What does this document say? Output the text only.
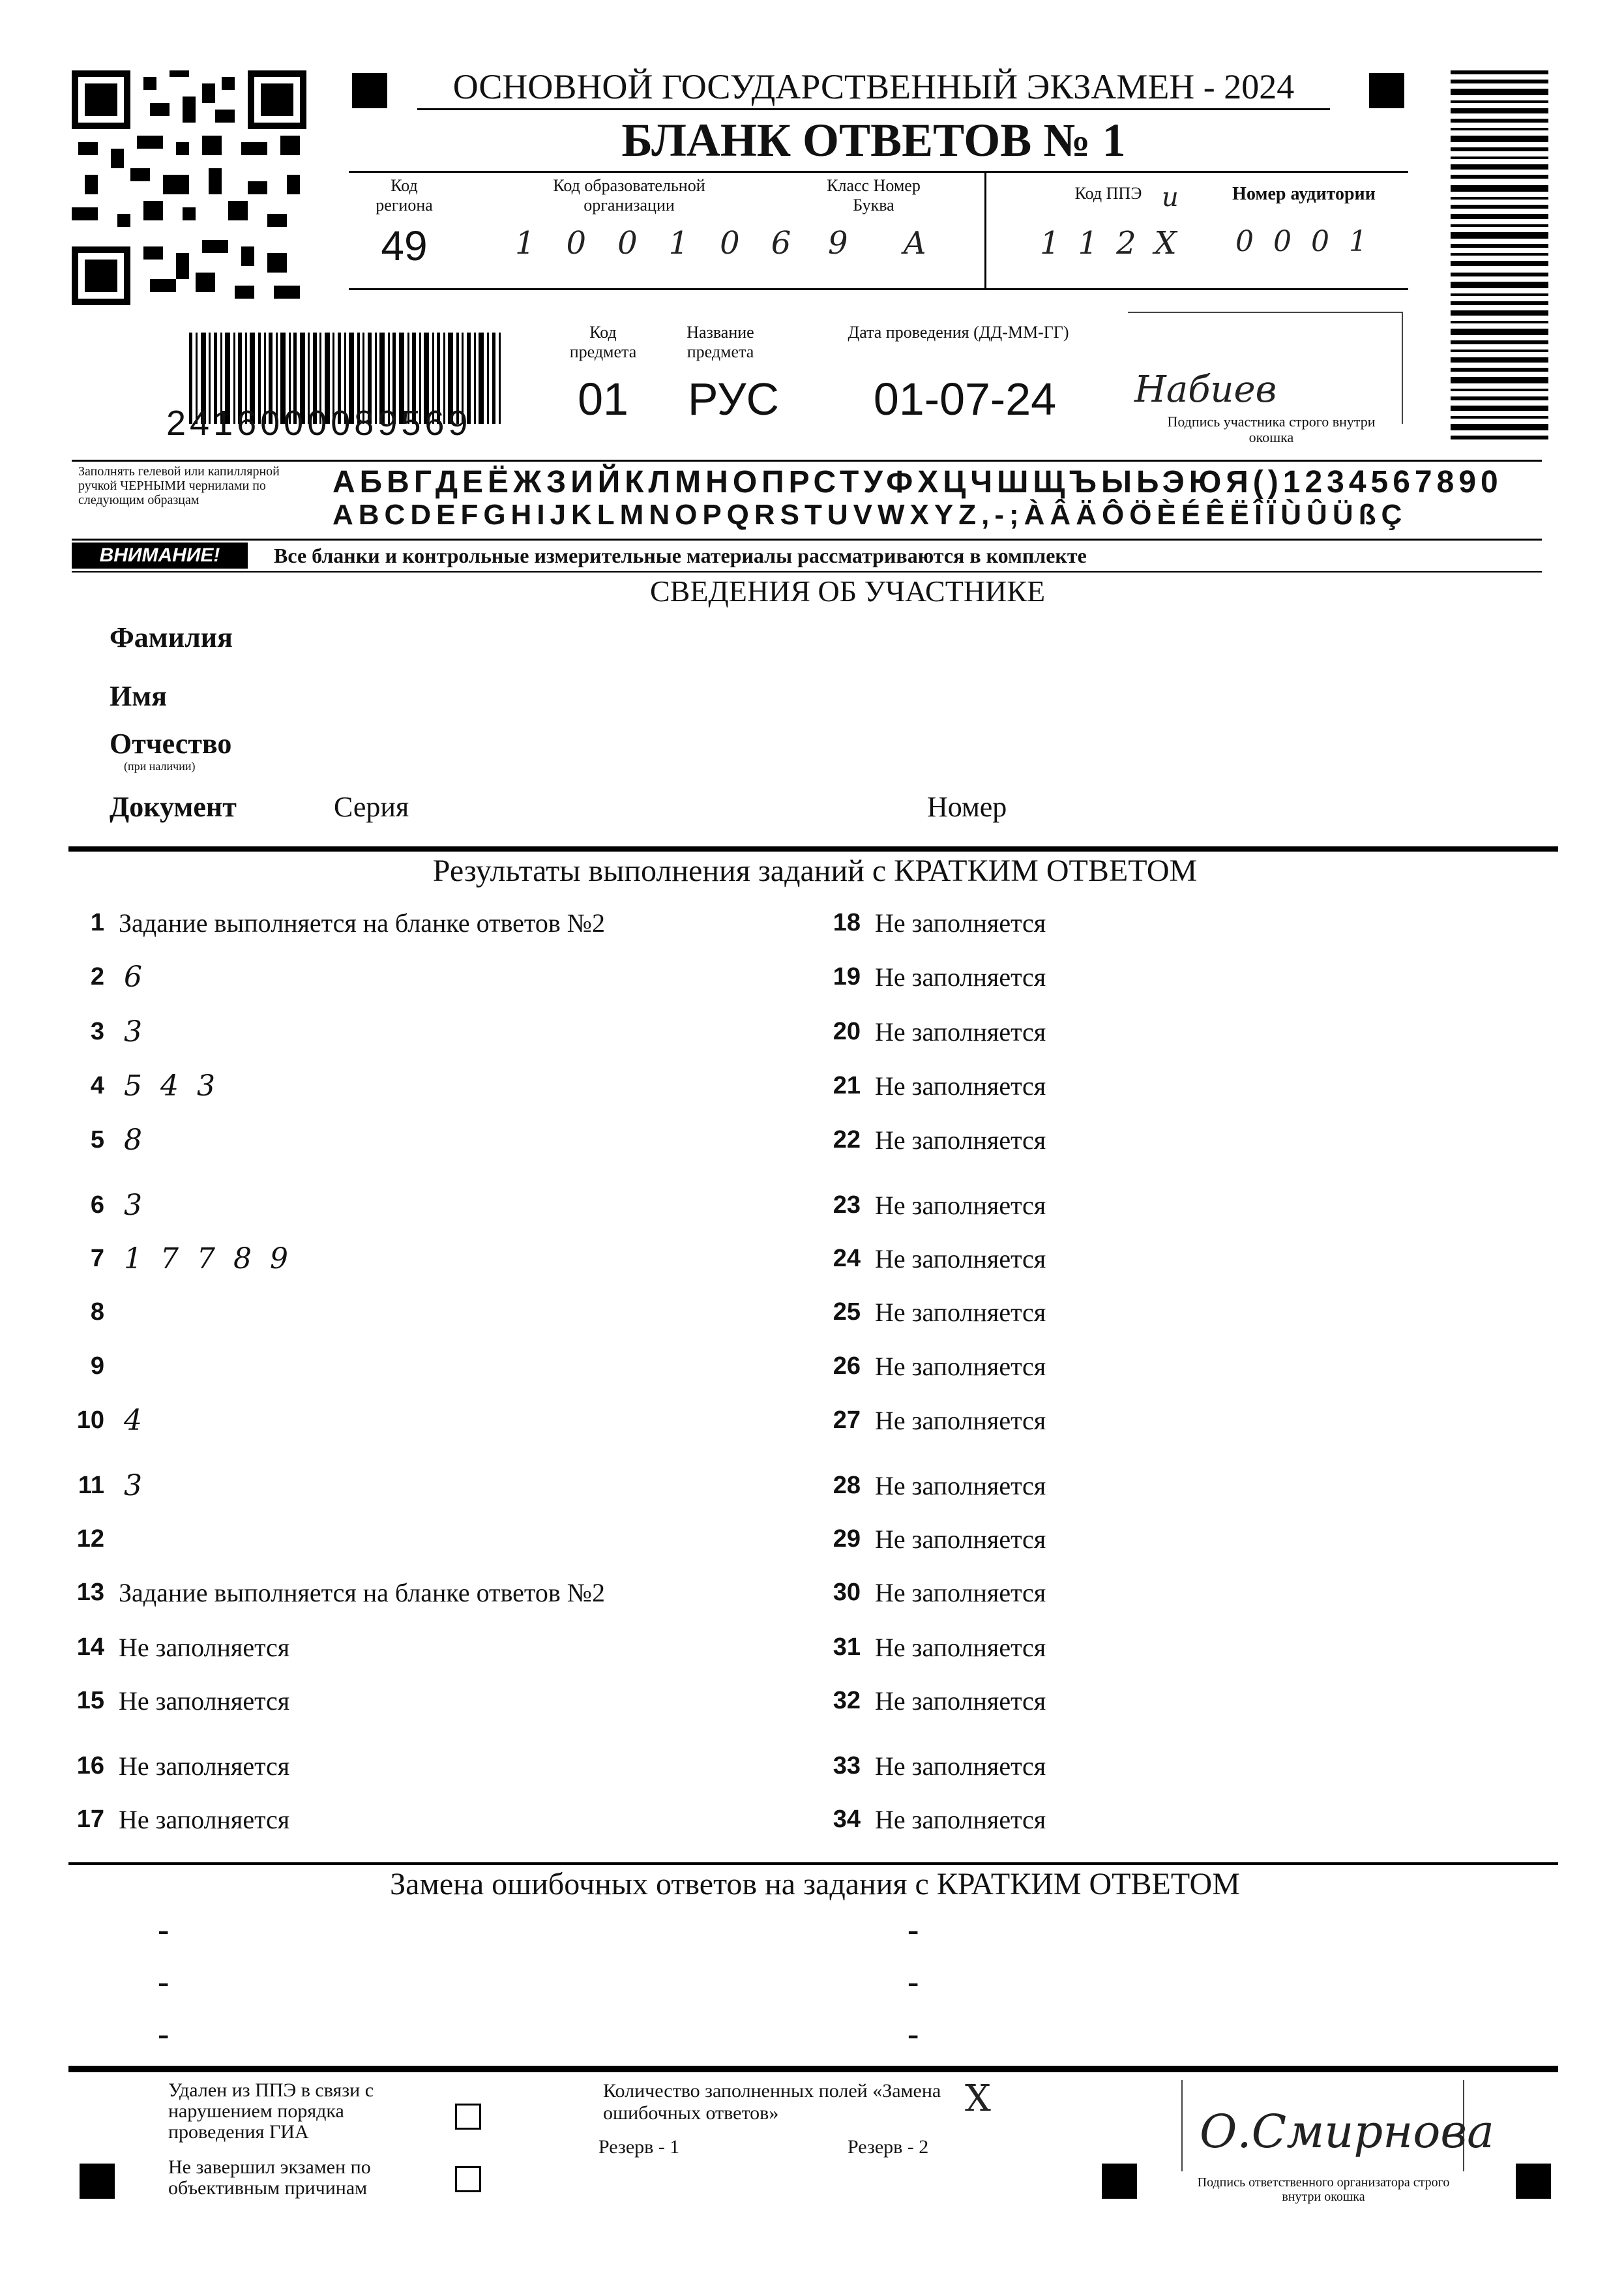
ОСНОВНОЙ ГОСУДАРСТВЕННЫЙ ЭКЗАМЕН - 2024
БЛАНК ОТВЕТОВ № 1
Код региона
49
Код образовательной организации
100106
Класс Номер Буква
9 А
Код ППЭ и
112Х
Номер аудитории
0001
2416000089569
Код предмета
01
Название предмета
РУС
Дата проведения (ДД-ММ-ГГ)
01-07-24	Набиев
Подпись участника строго внутри окошка
Заполнять гелевой или капиллярной ручкой ЧЕРНЫМИ чернилами по следующим образцам
АБВГДЕЁЖЗИЙКЛМНОПРСТУФХЦЧШЩЪЫЬЭЮЯ()1234567890
ABCDEFGHIJKLMNOPQRSTUVWXYZ,-;ÀÂÄÔÖÈÉÊËÎÏÙÛÜßÇ
ВНИМАНИЕ!	Все бланки и контрольные измерительные материалы рассматриваются в комплекте
СВЕДЕНИЯ ОБ УЧАСТНИКЕ
Фамилия
Имя
Отчество
(при наличии)
Документ	Серия	Номер
Результаты выполнения заданий с КРАТКИМ ОТВЕТОМ
1 Задание выполняется на бланке ответов №2
2 6
3 3
4 543
5 8
6 3
7 17789
8
9
10 4
11 3
12
13 Задание выполняется на бланке ответов №2
14 Не заполняется
15 Не заполняется
16 Не заполняется
17 Не заполняется
18 Не заполняется
19 Не заполняется
20 Не заполняется
21 Не заполняется
22 Не заполняется
23 Не заполняется
24 Не заполняется
25 Не заполняется
26 Не заполняется
27 Не заполняется
28 Не заполняется
29 Не заполняется
30 Не заполняется
31 Не заполняется
32 Не заполняется
33 Не заполняется
34 Не заполняется
Замена ошибочных ответов на задания с КРАТКИМ ОТВЕТОМ
-
-
-
-
-
-
Удален из ППЭ в связи с нарушением порядка проведения ГИА
Не завершил экзамен по объективным причинам
Количество заполненных полей «Замена ошибочных ответов»	X
Резерв - 1	Резерв - 2	О.Смирнова
Подпись ответственного организатора строго внутри окошка
